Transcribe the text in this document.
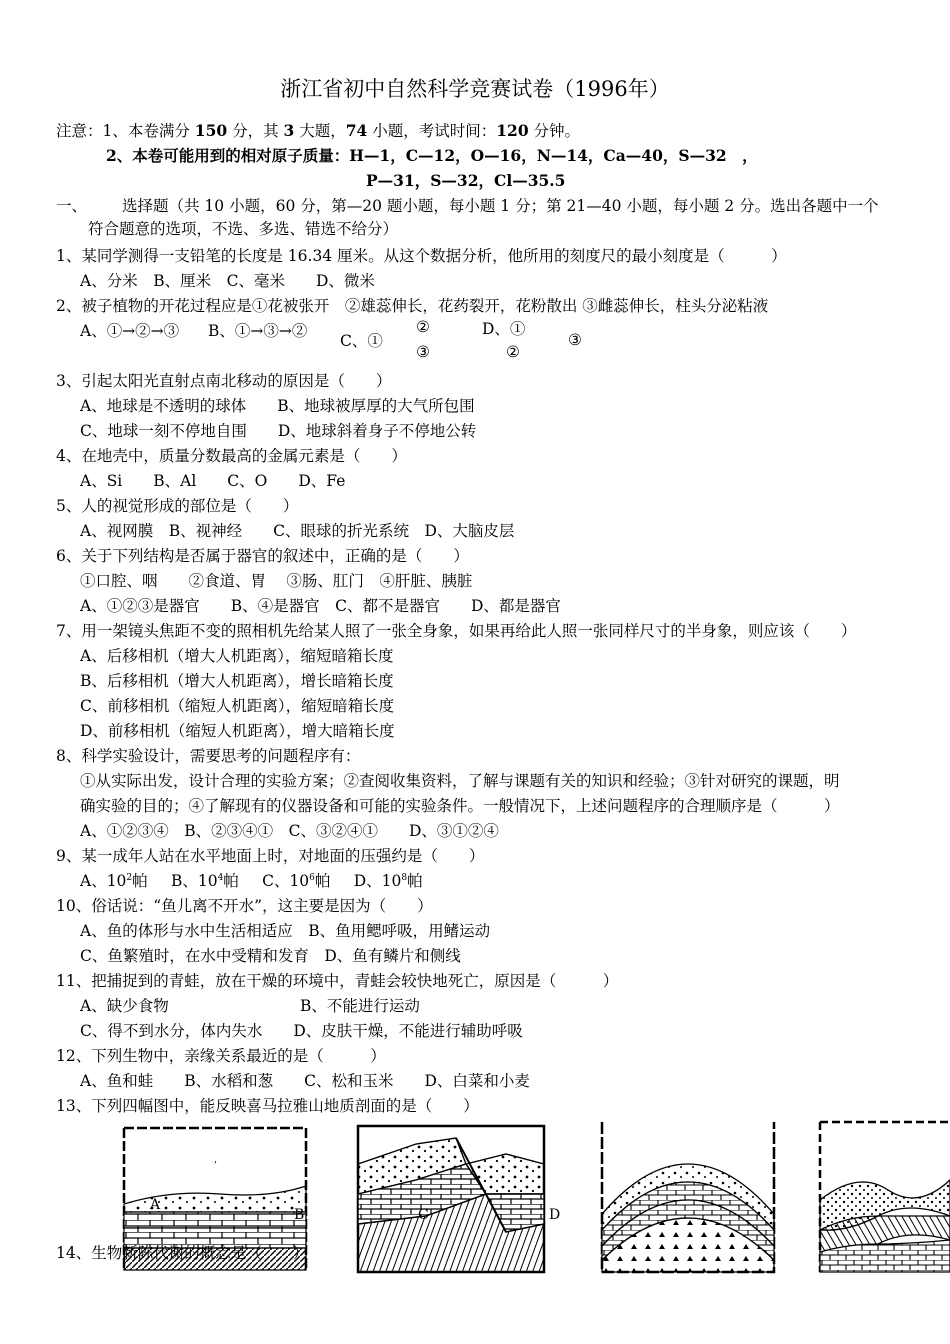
浙江省初中自然科学竞赛试卷（1996年）
注意：1、本卷满分 150 分，其 3 大题，74 小题，考试时间：120 分钟。
2、本卷可能用到的相对原子质量：H—1，C—12，O—16，N—14，Ca—40，S—32　，
P—31，S—32，Cl—35.5
一、 选择题（共 10 小题，60 分，第—20 题小题，每小题 1 分；第 21—40 小题，每小题 2 分。选出各题中一个
符合题意的选项，不选、多选、错选不给分）
1、某同学测得一支铅笔的长度是 16.34 厘米。从这个数据分析，他所用的刻度尺的最小刻度是（　　　）
A、分米　B、厘米　C、毫米　　D、微米
2、被子植物的开花过程应是①花被张开　②雄蕊伸长，花药裂开，花粉散出 ③雌蕊伸长，柱头分泌粘液
A、①→②→③ B、①→③→②
C、①
②
③
D、①
②
③
3、引起太阳光直射点南北移动的原因是（　　）
A、地球是不透明的球体　　B、地球被厚厚的大气所包围
C、地球一刻不停地自围　　D、地球斜着身子不停地公转
4、在地壳中，质量分数最高的金属元素是（　　）
A、Si　　B、Al　　C、O　　D、Fe
5、人的视觉形成的部位是（　　）
A、视网膜　B、视神经　　C、眼球的折光系统　D、大脑皮层
6、关于下列结构是否属于器官的叙述中，正确的是（　　）
①口腔、咽　　②食道、胃　 ③肠、肛门　④肝脏、胰脏
A、①②③是器官　　B、④是器官　C、都不是器官　　D、都是器官
7、用一架镜头焦距不变的照相机先给某人照了一张全身象，如果再给此人照一张同样尺寸的半身象，则应该（　　）
A、后移相机（增大人机距离），缩短暗箱长度
B、后移相机（增大人机距离），增长暗箱长度
C、前移相机（缩短人机距离），缩短暗箱长度
D、前移相机（缩短人机距离），增大暗箱长度
8、科学实验设计，需要思考的问题程序有：
①从实际出发，设计合理的实验方案；②查阅收集资料，了解与课题有关的知识和经验；③针对研究的课题，明
确实验的目的；④了解现有的仪器设备和可能的实验条件。一般情况下，上述问题程序的合理顺序是（　　　）
A、①②③④　B、②③④①　C、③②④①　　D、③①②④
9、某一成年人站在水平地面上时，对地面的压强约是（　　）
A、$10^2$帕　  B、$10^4$帕　  C、$10^6$帕　  D、$10^8$帕
10、俗话说：“鱼儿离不开水”，这主要是因为（　　）
A、鱼的体形与水中生活相适应　B、鱼用鳃呼吸，用鳍运动
C、鱼繁殖时，在水中受精和发育　D、鱼有鳞片和侧线
11、把捕捉到的青蛙，放在干燥的环境中，青蛙会较快地死亡，原因是（　　　）
A、缺少食物	B、不能进行运动
C、得不到水分，体内失水　　D、皮肤干燥，不能进行辅助呼吸
12、下列生物中，亲缘关系最近的是（　　　）
A、鱼和蛙　　B、水稻和葱　　C、松和玉米　　D、白菜和小麦
13、下列四幅图中，能反映喜马拉雅山地质剖面的是（　　）
,
A
B	C	D
14、生物新陈代谢的概念是（　　）
